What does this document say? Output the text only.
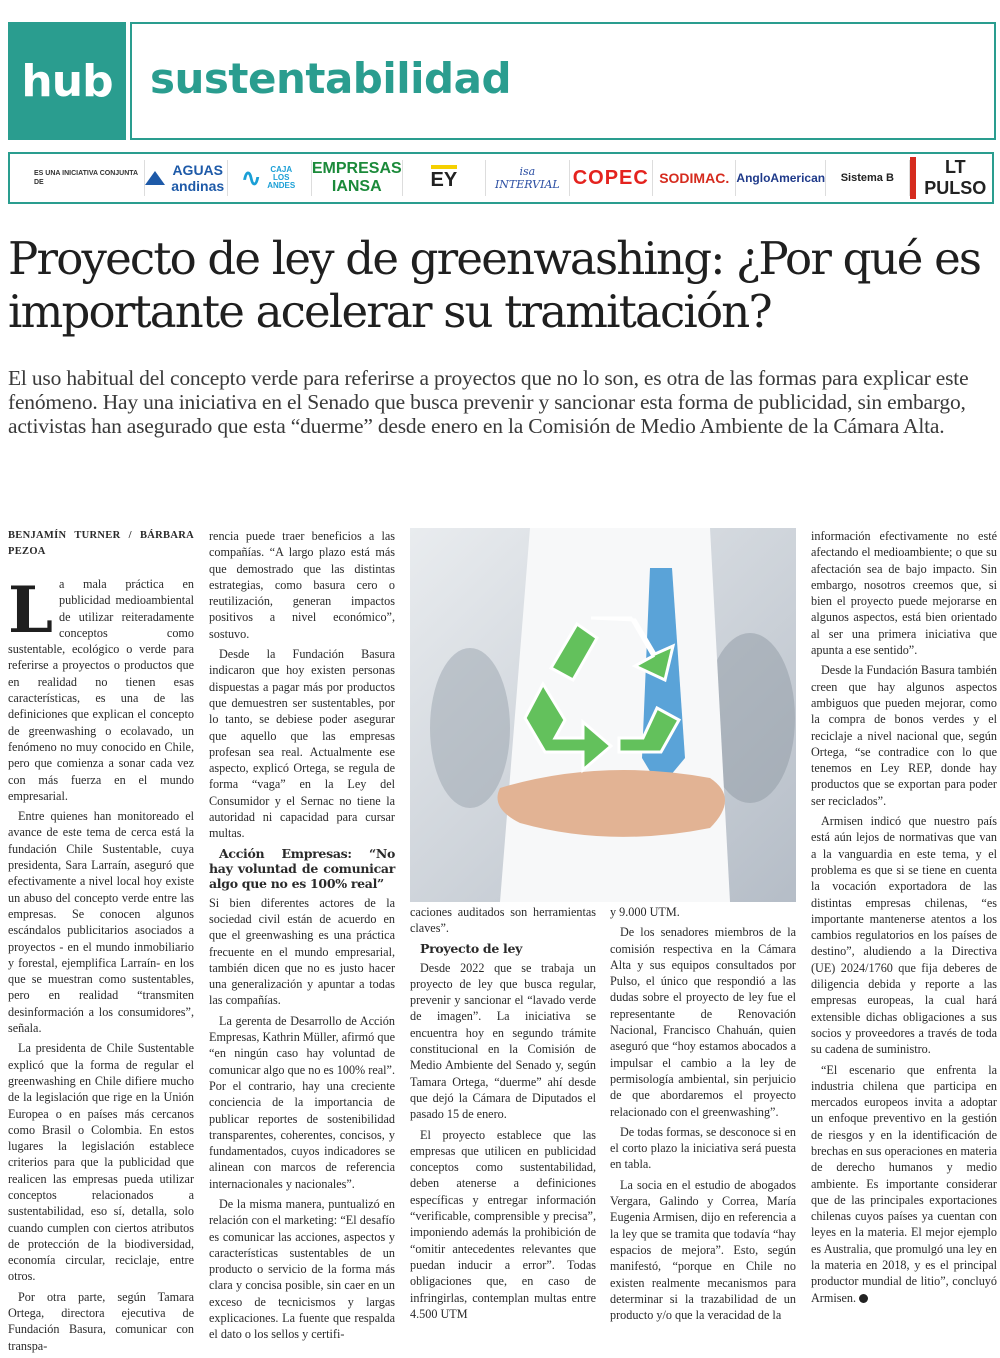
hub sustentabilidad
ES UNA INICIATIVA CONJUNTA DE
AGUAS andinas ∿	CAJA LOS ANDES
EMPRESAS IANSA	EY	isa INTERVIAL COPEC SODIMAC. AngloAmerican Sistema B
LT PULSO
Proyecto de ley de greenwashing: ¿Por qué es importante acelerar su tramitación?

El uso habitual del concepto verde para referirse a proyectos que no lo son, es otra de las formas para explicar este fenómeno. Hay una iniciativa en el Senado que busca prevenir y sancionar esta forma de publicidad, sin embargo, activistas han asegurado que esta “duerme” desde enero en la Comisión de Medio Ambiente de la Cámara Alta.

BENJAMÍN TURNER / BÁRBARA PEZOA

La mala práctica en publicidad medioambiental de utilizar reiteradamente conceptos como sustentable, ecológico o verde para referirse a proyectos o productos que en realidad no tienen esas características, es una de las definiciones que explican el concepto de greenwashing o ecolavado, un fenómeno no muy conocido en Chile, pero que comienza a sonar cada vez con más fuerza en el mundo empresarial.

Entre quienes han monitoreado el avance de este tema de cerca está la fundación Chile Sustentable, cuya presidenta, Sara Larraín, aseguró que efectivamente a nivel local hoy existe un abuso del concepto verde entre las empresas. Se conocen algunos escándalos publicitarios asociados a proyectos - en el mundo inmobiliario y forestal, ejemplifica Larraín- en los que se muestran como sustentables, pero en realidad “transmiten desinformación a los consumidores”, señala.

La presidenta de Chile Sustentable explicó que la forma de regular el greenwashing en Chile difiere mucho de la legislación que rige en la Unión Europea o en países más cercanos como Brasil o Colombia. En estos lugares la legislación establece criterios para que la publicidad que realicen las empresas pueda utilizar conceptos relacionados a sustentabilidad, eso sí, detalla, solo cuando cumplen con ciertos atributos de protección de la biodiversidad, economía circular, reciclaje, entre otros.

Por otra parte, según Tamara Ortega, directora ejecutiva de Fundación Basura, comunicar con transpa-

rencia puede traer beneficios a las compañías. “A largo plazo está más que demostrado que las distintas estrategias, como basura cero o reutilización, generan impactos positivos a nivel económico”, sostuvo.

Desde la Fundación Basura indicaron que hoy existen personas dispuestas a pagar más por productos que demuestren ser sustentables, por lo tanto, se debiese poder asegurar que aquello que las empresas profesan sea real. Actualmente ese aspecto, explicó Ortega, se regula de forma “vaga” en la Ley del Consumidor y el Sernac no tiene la autoridad ni capacidad para cursar multas.

Acción Empresas: “No hay voluntad de comunicar algo que no es 100% real”

Si bien diferentes actores de la sociedad civil están de acuerdo en que el greenwashing es una práctica frecuente en el mundo empresarial, también dicen que no es justo hacer una generalización y apuntar a todas las compañías.

La gerenta de Desarrollo de Acción Empresas, Kathrin Müller, afirmó que “en ningún caso hay voluntad de comunicar algo que no es 100% real”. Por el contrario, hay una creciente conciencia de la importancia de publicar reportes de sostenibilidad transparentes, coherentes, concisos, y fundamentados, cuyos indicadores se alinean con marcos de referencia internacionales y nacionales”.

De la misma manera, puntualizó en relación con el marketing: “El desafío es comunicar las acciones, aspectos y características sustentables de un producto o servicio de la forma más clara y concisa posible, sin caer en un exceso de tecnicismos y largas explicaciones. La fuente que respalda el dato o los sellos y certifi-

caciones auditados son herramientas claves”.

Proyecto de ley

Desde 2022 que se trabaja un proyecto de ley que busca regular, prevenir y sancionar el “lavado verde de imagen”. La iniciativa se encuentra hoy en segundo trámite constitucional en la Comisión de Medio Ambiente del Senado y, según Tamara Ortega, “duerme” ahí desde que dejó la Cámara de Diputados el pasado 15 de enero.

El proyecto establece que las empresas que utilicen en publicidad conceptos como sustentabilidad, deben atenerse a definiciones específicas y entregar información “verificable, comprensible y precisa”, imponiendo además la prohibición de “omitir antecedentes relevantes que puedan inducir a error”. Todas obligaciones que, en caso de infringirlas, contemplan multas entre 4.500 UTM

y 9.000 UTM.

De los senadores miembros de la comisión respectiva en la Cámara Alta y sus equipos consultados por Pulso, el único que respondió a las dudas sobre el proyecto de ley fue el representante de Renovación Nacional, Francisco Chahuán, quien aseguró que “hoy estamos abocados a impulsar el cambio a la ley de permisología ambiental, sin perjuicio de que abordaremos el proyecto relacionado con el greenwashing”.

De todas formas, se desconoce si en el corto plazo la iniciativa será puesta en tabla.

La socia en el estudio de abogados Vergara, Galindo y Correa, María Eugenia Armisen, dijo en referencia a la ley que se tramita que todavía “hay espacios de mejora”. Esto, según manifestó, “porque en Chile no existen realmente mecanismos para determinar si la trazabilidad de un producto y/o que la veracidad de la

información efectivamente no esté afectando el medioambiente; o que su afectación sea de bajo impacto. Sin embargo, nosotros creemos que, si bien el proyecto puede mejorarse en algunos aspectos, está bien orientado al ser una primera iniciativa que apunta a ese sentido”.

Desde la Fundación Basura también creen que hay algunos aspectos ambiguos que pueden mejorar, como la compra de bonos verdes y el reciclaje a nivel nacional que, según Ortega, “se contradice con lo que tenemos en Ley REP, donde hay productos que se exportan para poder ser reciclados”.

Armisen indicó que nuestro país está aún lejos de normativas que van a la vanguardia en este tema, y el problema es que si se tiene en cuenta la vocación exportadora de las distintas empresas chilenas, “es importante mantenerse atentos a los cambios regulatorios en los países de destino”, aludiendo a la Directiva (UE) 2024/1760 que fija deberes de diligencia debida y reporte a las empresas europeas, la cual hará extensible dichas obligaciones a sus socios y proveedores a través de toda su cadena de suministro.

“El escenario que enfrenta la industria chilena que participa en mercados europeos invita a adoptar un enfoque preventivo en la gestión de riesgos y en la identificación de brechas en sus operaciones en materia de derecho humanos y medio ambiente. Es importante considerar que de las principales exportaciones chilenas cuyos países ya cuentan con leyes en la materia. El mejor ejemplo es Australia, que promulgó una ley en la materia en 2018, y es el principal productor mundial de litio”, concluyó Armisen.
